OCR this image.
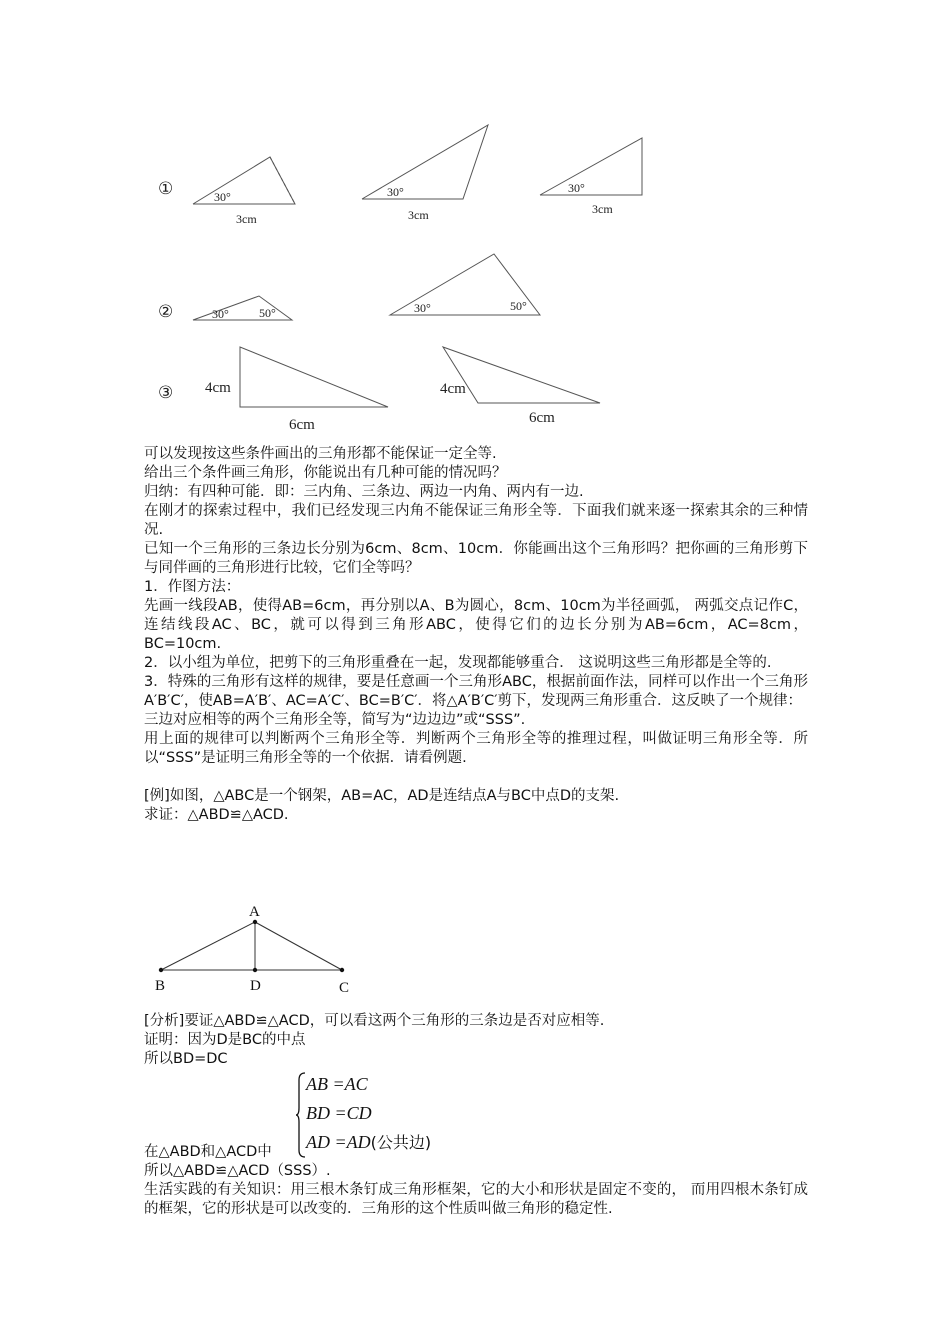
①	30°
3cm
30°
3cm
30°
3cm
②	30°	50°	30°	50°
③ 4cm
6cm
4cm
6cm

可以发现按这些条件画出的三角形都不能保证一定全等.

给出三个条件画三角形，你能说出有几种可能的情况吗？

归纳：有四种可能．即：三内角、三条边、两边一内角、两内有一边.

在刚才的探索过程中，我们已经发现三内角不能保证三角形全等．下面我们就来逐一探索其余的三种情况.

已知一个三角形的三条边长分别为6cm、8cm、10cm．你能画出这个三角形吗？把你画的三角形剪下与同伴画的三角形进行比较，它们全等吗？

1．作图方法：

先画一线段AB，使得AB=6cm，再分别以A、B为圆心，8cm、10cm为半径画弧， 两弧交点记作C，连结线段AC、BC，就可以得到三角形ABC，使得它们的边长分别为AB=6cm，AC=8cm，BC=10cm.

2．以小组为单位，把剪下的三角形重叠在一起，发现都能够重合． 这说明这些三角形都是全等的.

3．特殊的三角形有这样的规律，要是任意画一个三角形ABC，根据前面作法，同样可以作出一个三角形A′B′C′，使AB=A′B′、AC=A′C′、BC=B′C′．将△A′B′C′剪下，发现两三角形重合．这反映了一个规律：

三边对应相等的两个三角形全等，简写为“边边边”或“SSS”.

用上面的规律可以判断两个三角形全等．判断两个三角形全等的推理过程，叫做证明三角形全等．所以“SSS”是证明三角形全等的一个依据．请看例题.

[例]如图，△ABC是一个钢架，AB=AC，AD是连结点A与BC中点D的支架.

求证：△ABD≌△ACD.

A
B	D	C

[分析]要证△ABD≌△ACD，可以看这两个三角形的三条边是否对应相等.

证明：因为D是BC的中点

所以BD=DC

AB =AC
BD =CD
AD =AD(公共边)

在△ABD和△ACD中

所以△ABD≌△ACD（SSS）.

生活实践的有关知识：用三根木条钉成三角形框架，它的大小和形状是固定不变的， 而用四根木条钉成的框架，它的形状是可以改变的．三角形的这个性质叫做三角形的稳定性.
